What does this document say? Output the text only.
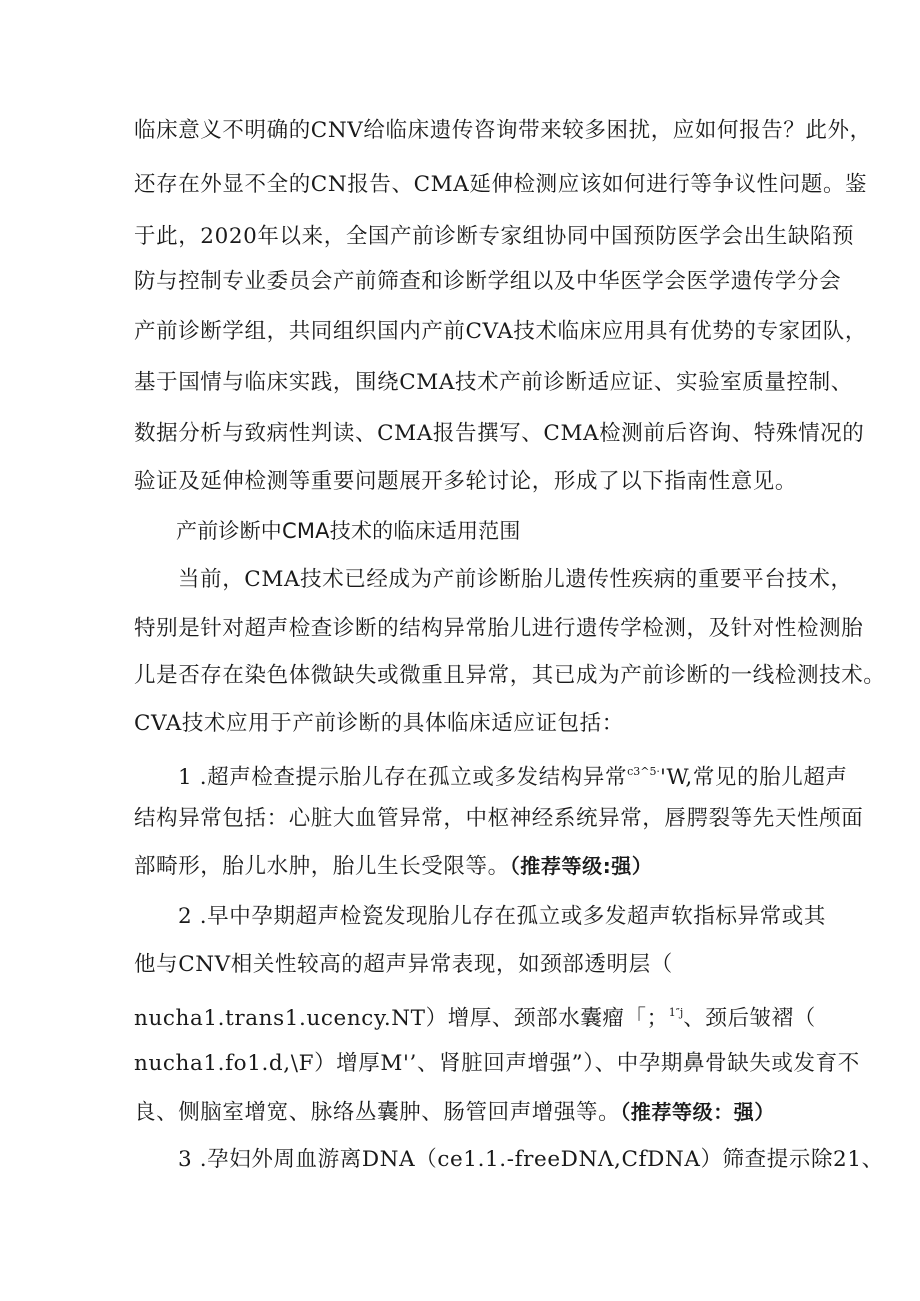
临床意义不明确的CNV给临床遗传咨询带来较多困扰，应如何报告？此外，
还存在外显不全的CN报告、CMA延伸检测应该如何进行等争议性问题。鉴
于此，2020年以来，全国产前诊断专家组协同中国预防医学会出生缺陷预
防与控制专业委员会产前筛查和诊断学组以及中华医学会医学遗传学分会
产前诊断学组，共同组织国内产前CVA技术临床应用具有优势的专家团队，
基于国情与临床实践，围绕CMA技术产前诊断适应证、实验室质量控制、
数据分析与致病性判读、CMA报告撰写、CMA检测前后咨询、特殊情况的
验证及延伸检测等重要问题展开多轮讨论，形成了以下指南性意见。
产前诊断中CMA技术的临床适用范围
当前，CMA技术已经成为产前诊断胎儿遗传性疾病的重要平台技术，
特别是针对超声检查诊断的结构异常胎儿进行遗传学检测，及针对性检测胎
儿是否存在染色体微缺失或微重且异常，其已成为产前诊断的一线检测技术。
CVA技术应用于产前诊断的具体临床适应证包括：
1 .超声检查提示胎儿存在孤立或多发结构异常$^{c3\^{}5\cdot}$'W,常见的胎儿超声
结构异常包括：心脏大血管异常，中枢神经系统异常，唇腭裂等先天性颅面
部畸形，胎儿水肿，胎儿生长受限等。（推荐等级:强）
2 .早中孕期超声检瓷发现胎儿存在孤立或多发超声软指标异常或其
他与CNV相关性较高的超声异常表现，如颈部透明层（
nucha1.trans1.ucency.NT）增厚、颈部水囊瘤「；$^{1''j}$、颈后皱褶（
nucha1.fo1.d,\F）增厚M'’、肾脏回声增强”）、中孕期鼻骨缺失或发育不
良、侧脑室增宽、脉络丛囊肿、肠管回声增强等。（推荐等级：强）
3 .孕妇外周血游离DNA（ce1.1.-freeDNΛ,CfDNA）筛查提示除21、
